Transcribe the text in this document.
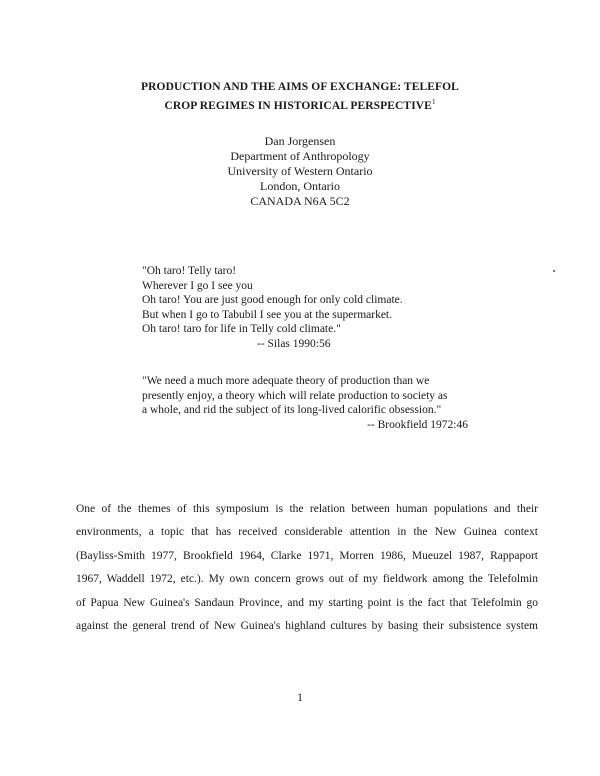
PRODUCTION AND THE AIMS OF EXCHANGE: TELEFOL
CROP REGIMES IN HISTORICAL PERSPECTIVE$^1$
Dan Jorgensen
Department of Anthropology
University of Western Ontario
London, Ontario
CANADA N6A 5C2
"Oh taro! Telly taro!
Wherever I go I see you
Oh taro! You are just good enough for only cold climate.
But when I go to Tabubil I see you at the supermarket.
Oh taro! taro for life in Telly cold climate."
-- Silas 1990:56
"We need a much more adequate theory of production than we
presently enjoy, a theory which will relate production to society as
a whole, and rid the subject of its long-lived calorific obsession."
-- Brookfield 1972:46
One of the themes of this symposium is the relation between human populations and their
environments, a topic that has received considerable attention in the New Guinea context
(Bayliss-Smith 1977, Brookfield 1964, Clarke 1971, Morren 1986, Mueuzel 1987, Rappaport
1967, Waddell 1972, etc.). My own concern grows out of my fieldwork among the Telefolmin
of Papua New Guinea's Sandaun Province, and my starting point is the fact that Telefolmin go
against the general trend of New Guinea's highland cultures by basing their subsistence system
1
